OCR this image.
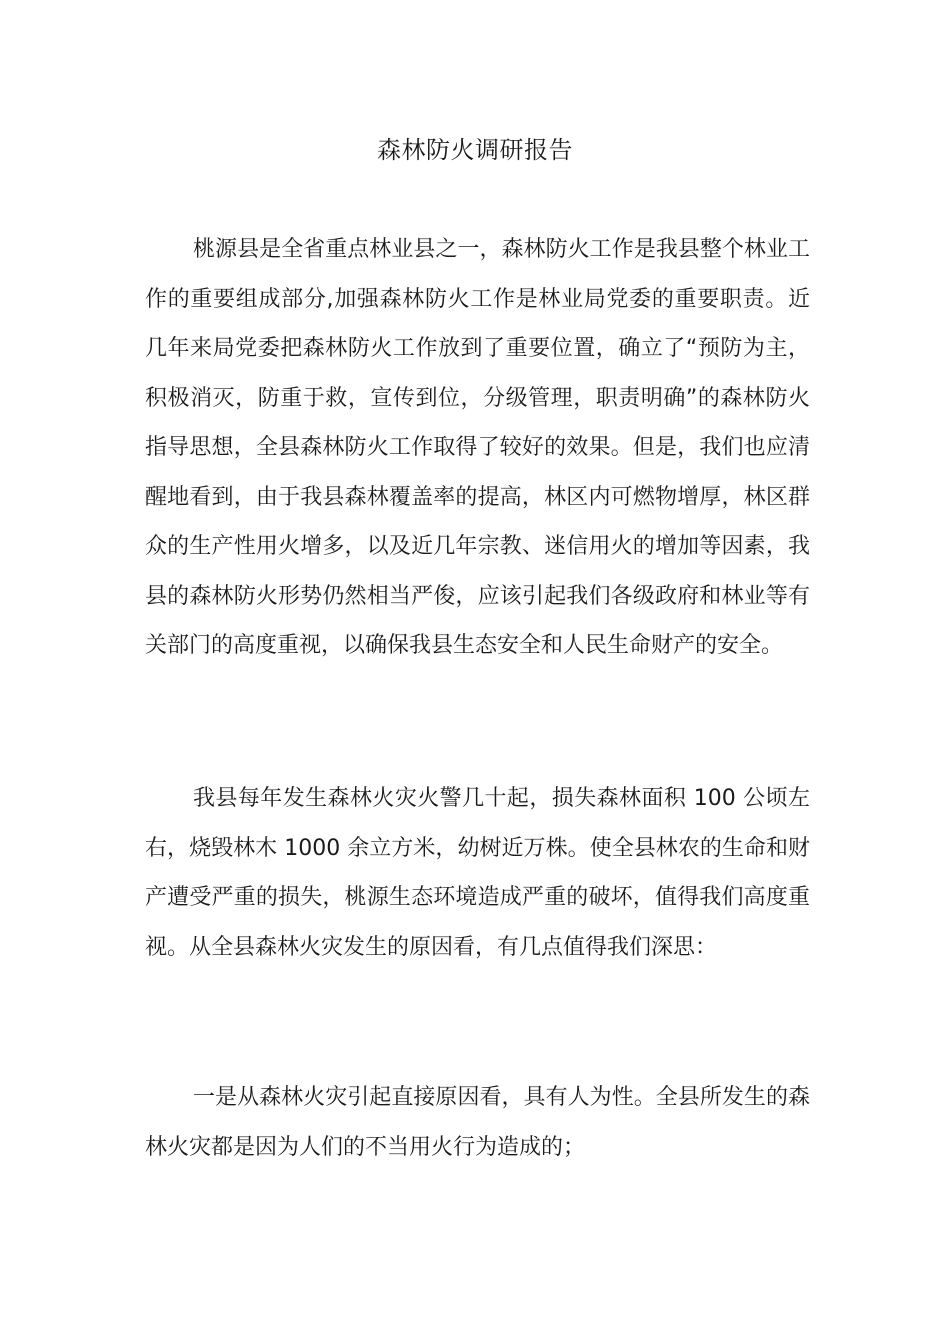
森林防火调研报告

桃源县是全省重点林业县之一，森林防火工作是我县整个林业工作的重要组成部分,加强森林防火工作是林业局党委的重要职责。近几年来局党委把森林防火工作放到了重要位置，确立了“预防为主，积极消灭，防重于救，宣传到位，分级管理，职责明确”的森林防火指导思想，全县森林防火工作取得了较好的效果。但是，我们也应清醒地看到，由于我县森林覆盖率的提高，林区内可燃物增厚，林区群众的生产性用火增多，以及近几年宗教、迷信用火的增加等因素，我县的森林防火形势仍然相当严俊，应该引起我们各级政府和林业等有关部门的高度重视，以确保我县生态安全和人民生命财产的安全。

我县每年发生森林火灾火警几十起，损失森林面积 100 公顷左右，烧毁林木 1000 余立方米，幼树近万株。使全县林农的生命和财产遭受严重的损失，桃源生态环境造成严重的破坏，值得我们高度重视。从全县森林火灾发生的原因看，有几点值得我们深思：

一是从森林火灾引起直接原因看，具有人为性。全县所发生的森林火灾都是因为人们的不当用火行为造成的；
